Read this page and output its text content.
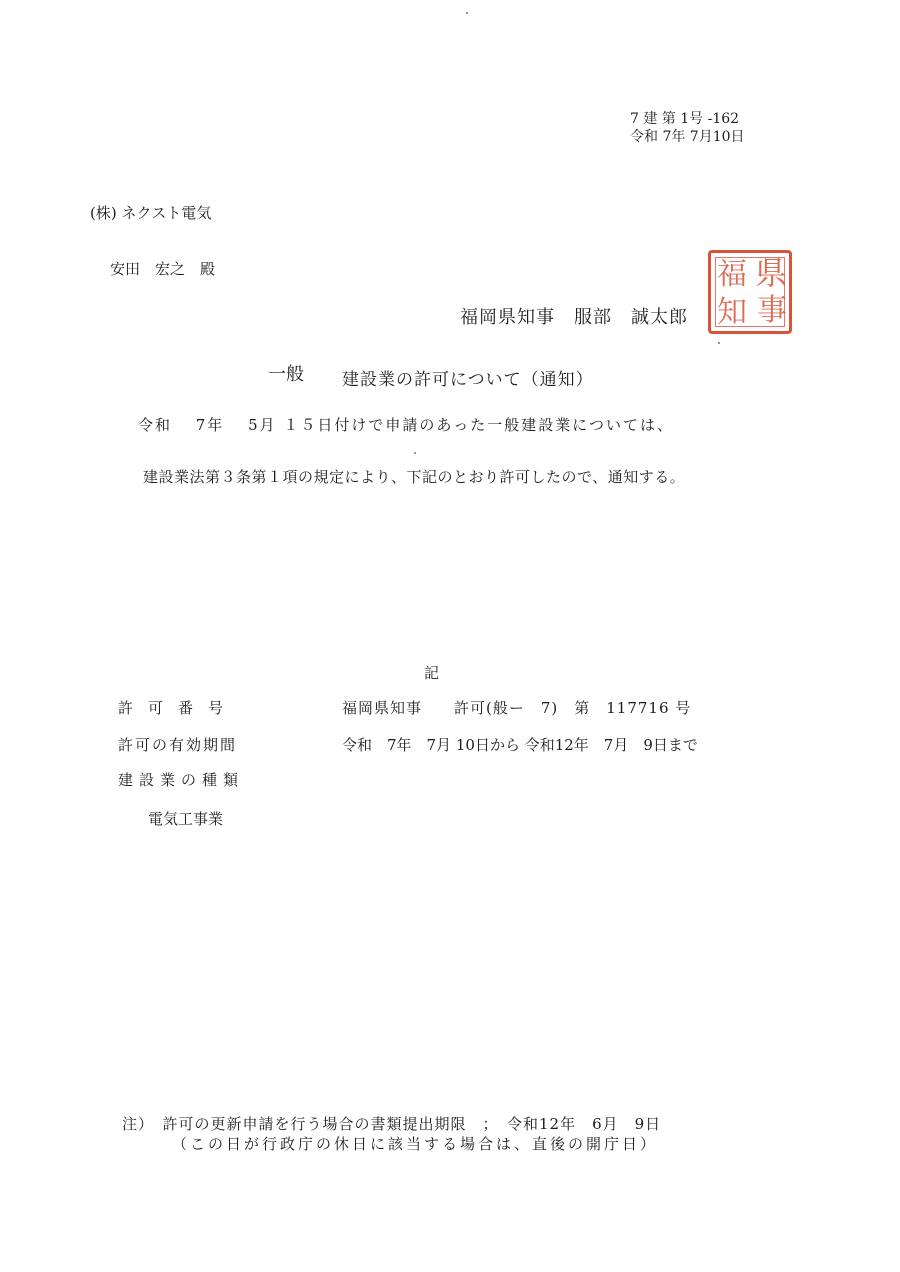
7 建 第 1号 -162
令和 7年 7月10日
(株) ネクスト電気
安田　宏之　殿
福岡県知事　服部　誠太郎
県
福
事
知
一般 建設業の許可について（通知）
令和　 7年　 5月 １５日付けで申請のあった一般建設業については、
建設業法第３条第１項の規定により、下記のとおり許可したので、通知する。
記
許可番号	福岡県知事　　許可(般ー　7)　第　117716 号
許可の有効期間	令和　7年　7月 10日から 令和12年　7月　9日まで
建設業の種類
電気工事業
注）　許可の更新申請を行う場合の書類提出期限　；　令和12年　6月　9日
（この日が行政庁の休日に該当する場合は、直後の開庁日）
